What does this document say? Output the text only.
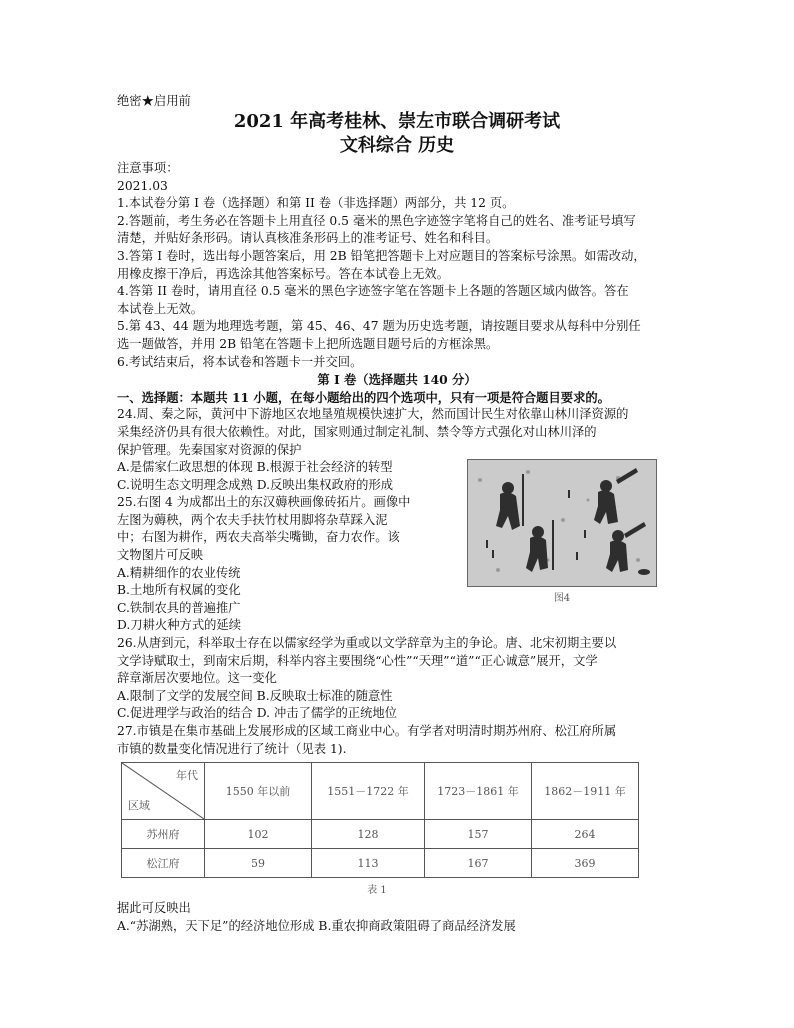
绝密★启用前
2021 年高考桂林、崇左市联合调研考试
文科综合 历史
注意事项：
2021.03
1.本试卷分第 I 卷（选择题）和第 II 卷（非选择题）两部分，共 12 页。
2.答题前，考生务必在答题卡上用直径 0.5 毫米的黑色字迹签字笔将自己的姓名、准考证号填写
清楚，并贴好条形码。请认真核准条形码上的准考证号、姓名和科目。
3.答第 I 卷时，选出每小题答案后，用 2B 铅笔把答题卡上对应题目的答案标号涂黑。如需改动，
用橡皮擦干净后，再选涂其他答案标号。答在本试卷上无效。
4.答第 II 卷时，请用直径 0.5 毫米的黑色字迹签字笔在答题卡上各题的答题区域内做答。答在
本试卷上无效。
5.第 43、44 题为地理选考题，第 45、46、47 题为历史选考题，请按题目要求从每科中分别任
选一题做答，并用 2B 铅笔在答题卡上把所选题目题号后的方框涂黑。
6.考试结束后，将本试卷和答题卡一并交回。
第 I 卷（选择题共 140 分）
一、选择题：本题共 11 小题，在每小题给出的四个选项中，只有一项是符合题目要求的。
24.周、秦之际，黄河中下游地区农地垦殖规模快速扩大，然而国计民生对依靠山林川泽资源的
采集经济仍具有很大依赖性。对此，国家则通过制定礼制、禁令等方式强化对山林川泽的
保护管理。先秦国家对资源的保护
A.是儒家仁政思想的体现 B.根源于社会经济的转型
C.说明生态文明理念成熟 D.反映出集权政府的形成
25.右图 4 为成都出土的东汉薅秧画像砖拓片。画像中
左图为薅秧，两个农夫手扶竹杖用脚将杂草踩入泥
中；右图为耕作，两农夫高举尖嘴锄，奋力农作。该
文物图片可反映
A.精耕细作的农业传统
B.土地所有权属的变化
C.铁制农具的普遍推广
D.刀耕火种方式的延续
图4
26.从唐到元，科举取士存在以儒家经学为重或以文学辞章为主的争论。唐、北宋初期主要以
文学诗赋取士，到南宋后期，科举内容主要围绕“心性”“天理”“道”“正心诚意”展开，文学
辞章渐居次要地位。这一变化
A.限制了文学的发展空间 B.反映取士标准的随意性
C.促进理学与政治的结合 D. 冲击了儒学的正统地位
27.市镇是在集市基础上发展形成的区域工商业中心。有学者对明清时期苏州府、松江府所属
市镇的数量变化情况进行了统计（见表 1).
年代
区域	1550 年以前	1551－1722 年	1723－1861 年	1862－1911 年
苏州府	102	128	157	264
松江府	59	113	167	369
表 1
据此可反映出
A.“苏湖熟，天下足”的经济地位形成 B.重农抑商政策阻碍了商品经济发展
